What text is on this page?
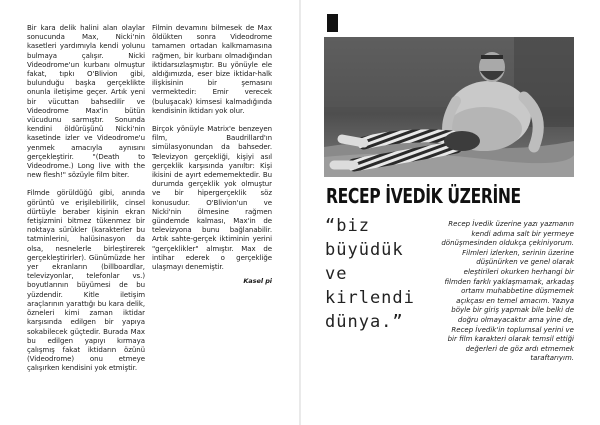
Bir kara delik halini alan olaylar sonucunda Max, Nicki'nin kasetleri yardımıyla kendi yolunu bulmaya çalışır. Nicki Videodrome'un kurbanı olmuştur fakat, tıpkı O'Blivion gibi, bulunduğu başka gerçeklikte onunla iletişime geçer. Artık yeni bir vücuttan bahsedilir ve Videodrome Max'in bütün vücudunu sarmıştır. Sonunda kendini öldürüşünü Nicki'nin kasetinde izler ve Videodrome'u yenmek amacıyla aynısını gerçekleştirir. "(Death to Videodrome.) Long live with the new flesh!" sözüyle film biter.

Filmde görüldüğü gibi, anında görüntü ve erişilebilirlik, cinsel dürtüyle beraber kişinin ekran fetişizmini bitmez tükenmez bir noktaya sürükler (karakterler bu tatminlerini, halüsinasyon da olsa, nesnelerle birleştirerek gerçekleştirirler). Günümüzde her yer ekranların (billboardlar, televizyonlar, telefonlar vs.) boyutlarının büyümesi de bu yüzdendir. Kitle iletişim araçlarının yarattığı bu kara delik, özneleri kimi zaman iktidar karşısında edilgen bir yapıya sokabilecek güçtedir. Burada Max bu edilgen yapıyı kırmaya çalışmış fakat iktidarın özünü (Videodrome) onu etmeye çalışırken kendisini yok etmiştir.

Filmin devamını bilmesek de Max öldükten sonra Videodrome tamamen ortadan kalkmamasına rağmen, bir kurbanı olmadığından iktidarsızlaşmıştır. Bu yönüyle ele aldığımızda, eser bize iktidar-halk ilişkisinin bir şemasını vermektedir: Emir verecek (buluşacak) kimsesi kalmadığında kendisinin iktidarı yok olur.

Birçok yönüyle Matrix'e benzeyen film, Baudrillard'ın simülasyonundan da bahseder. Televizyon gerçekliği, kişiyi asıl gerçeklik karşısında yanıltır: Kişi ikisini de ayırt edememektedir. Bu durumda gerçeklik yok olmuştur ve bir hipergerçeklik söz konusudur. O'Blivion'un ve Nicki'nin ölmesine rağmen gündemde kalması, Max'in de televizyona bunu bağlanabilir. Artık sahte-gerçek iktiminin yerini "gerçeklikler" almıştır. Max de intihar ederek o gerçekliğe ulaşmayı denemiştir.

Kasel pi
RECEP İVEDİK ÜZERİNE
“biz
büyüdük
ve
kirlendi
dünya.”
Recep İvedik üzerine yazı yazmanın kendi adıma salt bir yermeye dönüşmesinden oldukça çekiniyorum. Filmleri izlerken, serinin üzerine düşünürken ve genel olarak eleştirileri okurken herhangi bir filmden farklı yaklaşmamak, arkadaş ortamı muhabbetine düşmemek açıkçası en temel amacım. Yazıya böyle bir giriş yapmak bile belki de doğru olmayacaktır ama yine de, Recep İvedik'in toplumsal yerini ve bir film karakteri olarak temsil ettiği değerleri de göz ardı etmemek taraftarıyım.
